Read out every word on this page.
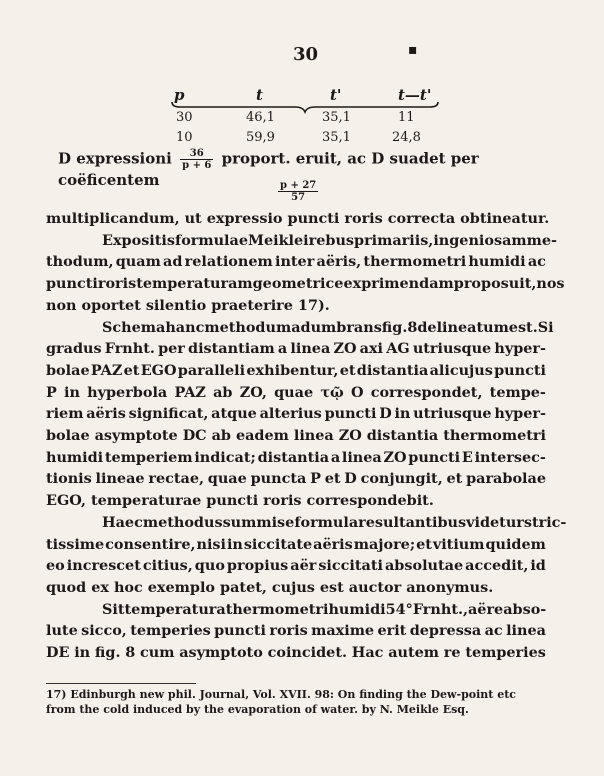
30	▪
p	t	t'	t—t'
30	46,1	35,1	11
10	59,9	35,1	24,8
D expressioni $\frac{36}{p + 6}$ proport. eruit, ac D suadet per coëficentem	$\frac{p + 27}{57}$
multiplicandum, ut expressio puncti roris correcta obtineatur.
Expositis formulae Meiklei rebus primariis, ingeniosam me-
thodum, quam ad relationem inter aëris, thermometri humidi ac
puncti roris temperaturam geometrice exprimendam proposuit, nos
non oportet silentio praeterire 17).
Schema hanc methodum adumbrans fig. 8 delineatum est. Si
gradus Frnht. per distantiam a linea ZO axi AG utriusque hyper-
bolae PAZ et EGO paralleli exhibentur, et distantia alicujus puncti
P in hyperbola PAZ ab ZO, quae τῷ O correspondet, tempe-
riem aëris significat, atque alterius puncti D in utriusque hyper-
bolae asymptote DC ab eadem linea ZO distantia thermometri
humidi temperiem indicat; distantia a linea ZO puncti E intersec-
tionis lineae rectae, quae puncta P et D conjungit, et parabolae
EGO, temperaturae puncti roris correspondebit.
Haec methodus summis e formula resultantibus videtur stric-
tissime consentire, nisi in siccitate aëris majore; et vitium quidem
eo increscet citius, quo propius aër siccitati absolutae accedit, id
quod ex hoc exemplo patet, cujus est auctor anonymus.
Sit temperatura thermometri humidi 54° Frnht., aëre abso-
lute sicco, temperies puncti roris maxime erit depressa ac linea
DE in fig. 8 cum asymptoto coincidet. Hac autem re temperies
17) Edinburgh new phil. Journal, Vol. XVII. 98: On finding the Dew-point etc
from the cold induced by the evaporation of water. by N. Meikle Esq.
